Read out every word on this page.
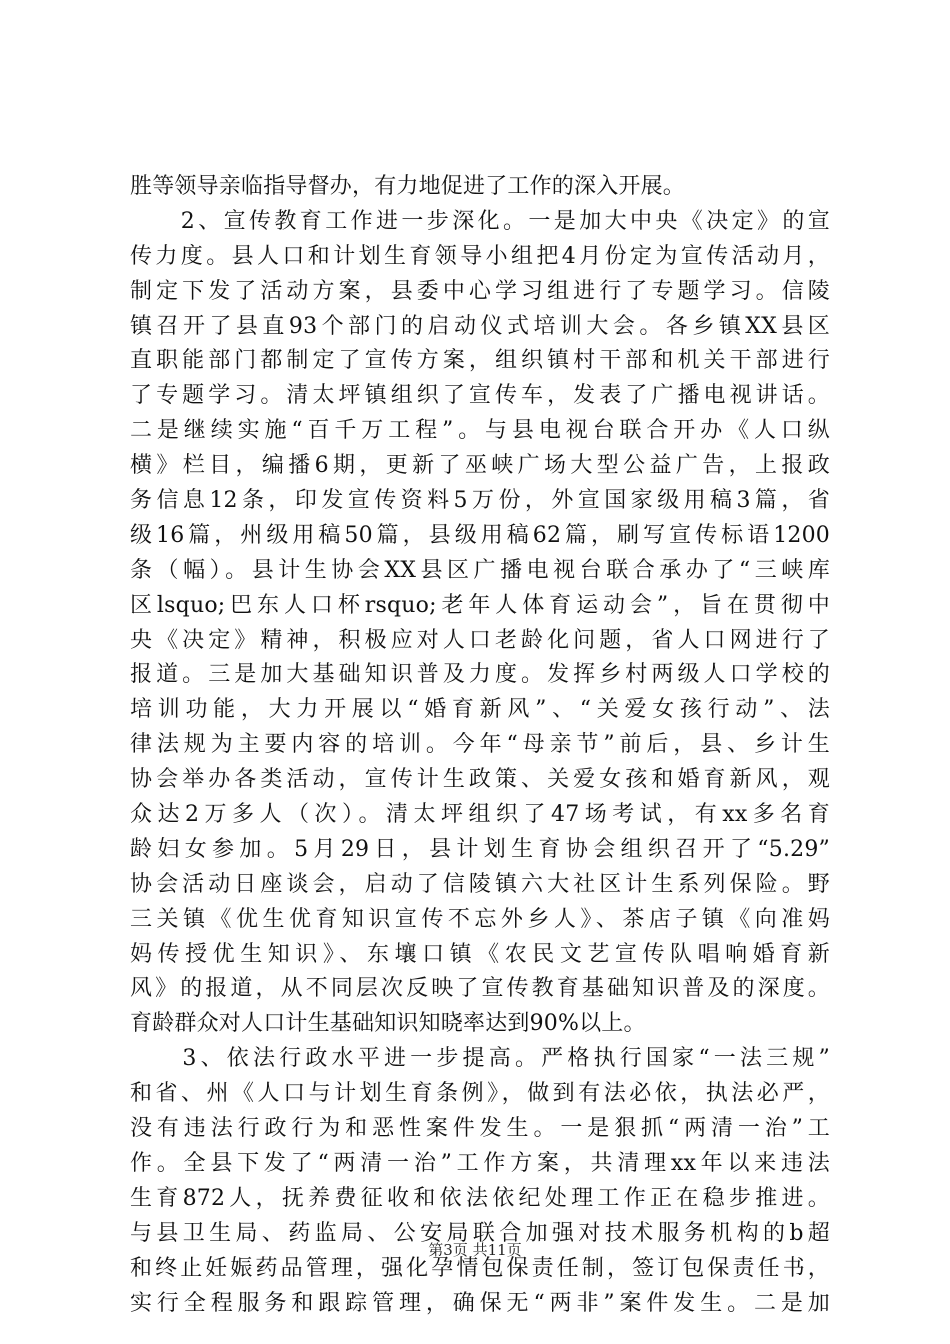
胜等领导亲临指导督办，有力地促进了工作的深入开展。
　　2、宣传教育工作进一步深化。一是加大中央《决定》的宣
传力度。县人口和计划生育领导小组把4月份定为宣传活动月，
制定下发了活动方案，县委中心学习组进行了专题学习。信陵
镇召开了县直93个部门的启动仪式培训大会。各乡镇XX县区
直职能部门都制定了宣传方案，组织镇村干部和机关干部进行
了专题学习。清太坪镇组织了宣传车，发表了广播电视讲话。
二是继续实施“百千万工程”。与县电视台联合开办《人口纵
横》栏目，编播6期，更新了巫峡广场大型公益广告，上报政
务信息12条，印发宣传资料5万份，外宣国家级用稿3篇，省
级16篇，州级用稿50篇，县级用稿62篇，刷写宣传标语1200
条（幅）。县计生协会XX县区广播电视台联合承办了“三峡库
区lsquo;巴东人口杯rsquo;老年人体育运动会”，旨在贯彻中
央《决定》精神，积极应对人口老龄化问题，省人口网进行了
报道。三是加大基础知识普及力度。发挥乡村两级人口学校的
培训功能，大力开展以“婚育新风”、“关爱女孩行动”、法
律法规为主要内容的培训。今年“母亲节”前后，县、乡计生
协会举办各类活动，宣传计生政策、关爱女孩和婚育新风，观
众达2万多人（次）。清太坪组织了47场考试，有xx多名育
龄妇女参加。5月29日，县计划生育协会组织召开了“5.29”
协会活动日座谈会，启动了信陵镇六大社区计生系列保险。野
三关镇《优生优育知识宣传不忘外乡人》、茶店子镇《向准妈
妈传授优生知识》、东壤口镇《农民文艺宣传队唱响婚育新
风》的报道，从不同层次反映了宣传教育基础知识普及的深度。
育龄群众对人口计生基础知识知晓率达到90%以上。
　　3、依法行政水平进一步提高。严格执行国家“一法三规”
和省、州《人口与计划生育条例》，做到有法必依，执法必严，
没有违法行政行为和恶性案件发生。一是狠抓“两清一治”工
作。全县下发了“两清一治”工作方案，共清理xx年以来违法
生育872人，抚养费征收和依法依纪处理工作正在稳步推进。
与县卫生局、药监局、公安局联合加强对技术服务机构的b超
和终止妊娠药品管理，强化孕情包保责任制，签订包保责任书，
实行全程服务和跟踪管理，确保无“两非”案件发生。二是加
第3页 共11页
